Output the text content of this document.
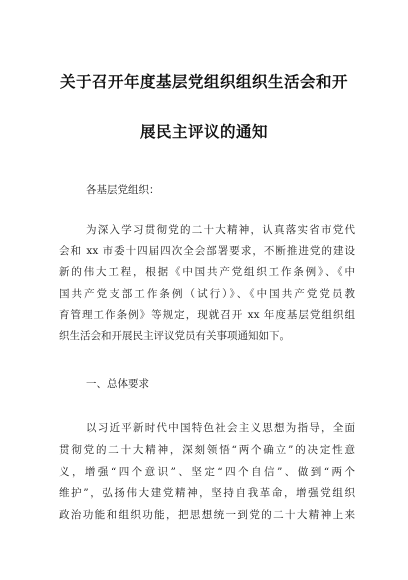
关于召开年度基层党组织组织生活会和开
展民主评议的通知
各基层党组织：
为深入学习贯彻党的二十大精神，认真落实省市党代
会和 xx 市委十四届四次全会部署要求，不断推进党的建设
新的伟大工程，根据《中国共产党组织工作条例》、《中
国共产党支部工作条例（试行）》、《中国共产党党员教
育管理工作条例》等规定，现就召开 xx 年度基层党组织组
织生活会和开展民主评议党员有关事项通知如下。
一、总体要求
以习近平新时代中国特色社会主义思想为指导，全面
贯彻党的二十大精神，深刻领悟“两个确立”的决定性意
义，增强“四个意识”、坚定“四个自信”、做到“两个
维护”，弘扬伟大建党精神，坚持自我革命，增强党组织
政治功能和组织功能，把思想统一到党的二十大精神上来
